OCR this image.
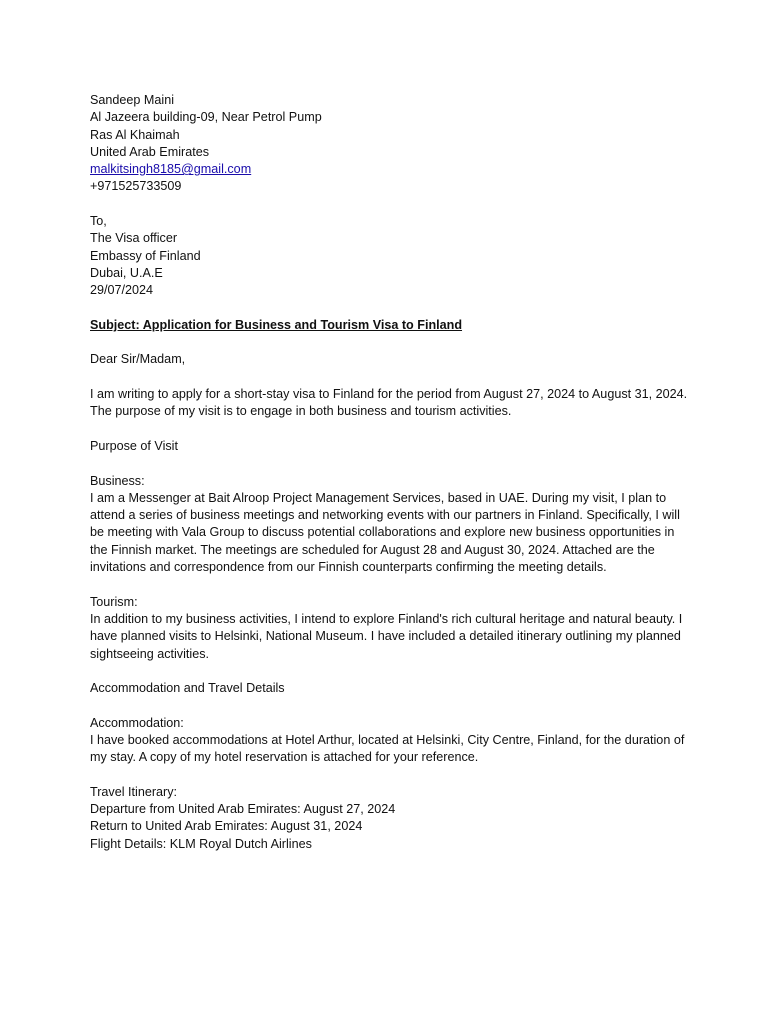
Sandeep Maini
Al Jazeera building-09, Near Petrol Pump
Ras Al Khaimah
United Arab Emirates
malkitsingh8185@gmail.com
+971525733509
To,
The Visa officer
Embassy of Finland
Dubai, U.A.E
29/07/2024
Subject: Application for Business and Tourism Visa to Finland
Dear Sir/Madam,
I am writing to apply for a short-stay visa to Finland for the period from August 27, 2024 to August 31, 2024. The purpose of my visit is to engage in both business and tourism activities.
Purpose of Visit
Business:
I am a Messenger at Bait Alroop Project Management Services, based in UAE. During my visit, I plan to attend a series of business meetings and networking events with our partners in Finland. Specifically, I will be meeting with Vala Group to discuss potential collaborations and explore new business opportunities in the Finnish market. The meetings are scheduled for August 28 and August 30, 2024. Attached are the invitations and correspondence from our Finnish counterparts confirming the meeting details.
Tourism:
In addition to my business activities, I intend to explore Finland's rich cultural heritage and natural beauty. I have planned visits to Helsinki, National Museum. I have included a detailed itinerary outlining my planned sightseeing activities.
Accommodation and Travel Details
Accommodation:
I have booked accommodations at Hotel Arthur, located at Helsinki, City Centre, Finland, for the duration of my stay. A copy of my hotel reservation is attached for your reference.
Travel Itinerary:
Departure from United Arab Emirates: August 27, 2024
Return to United Arab Emirates: August 31, 2024
Flight Details: KLM Royal Dutch Airlines
